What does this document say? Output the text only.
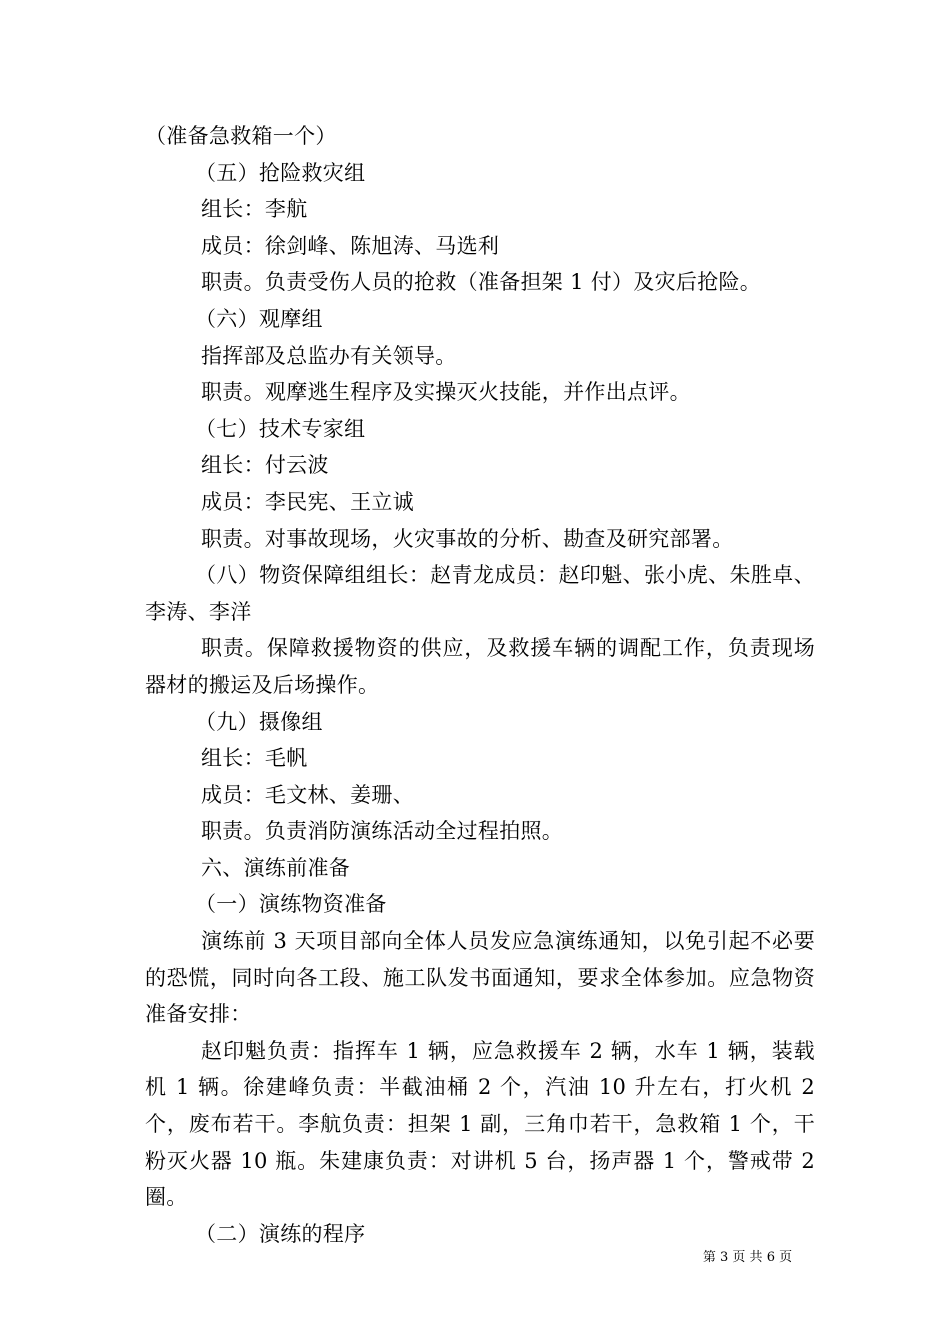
（准备急救箱一个）

（五）抢险救灾组

组长：李航

成员：徐剑峰、陈旭涛、马选利

职责。负责受伤人员的抢救（准备担架 1 付）及灾后抢险。

（六）观摩组

指挥部及总监办有关领导。

职责。观摩逃生程序及实操灭火技能，并作出点评。

（七）技术专家组

组长：付云波

成员：李民宪、王立诚

职责。对事故现场，火灾事故的分析、勘查及研究部署。

（八）物资保障组组长：赵青龙成员：赵印魁、张小虎、朱胜卓、李涛、李洋

职责。保障救援物资的供应，及救援车辆的调配工作，负责现场器材的搬运及后场操作。

（九）摄像组

组长：毛帆

成员：毛文林、姜珊、

职责。负责消防演练活动全过程拍照。

六、演练前准备

（一）演练物资准备

演练前 3 天项目部向全体人员发应急演练通知，以免引起不必要的恐慌，同时向各工段、施工队发书面通知，要求全体参加。应急物资准备安排：

赵印魁负责：指挥车 1 辆，应急救援车 2 辆，水车 1 辆，装载机 1 辆。徐建峰负责：半截油桶 2 个，汽油 10 升左右，打火机 2 个，废布若干。李航负责：担架 1 副，三角巾若干，急救箱 1 个，干粉灭火器 10 瓶。朱建康负责：对讲机 5 台，扬声器 1 个，警戒带 2 圈。

（二）演练的程序

第 3 页 共 6 页
